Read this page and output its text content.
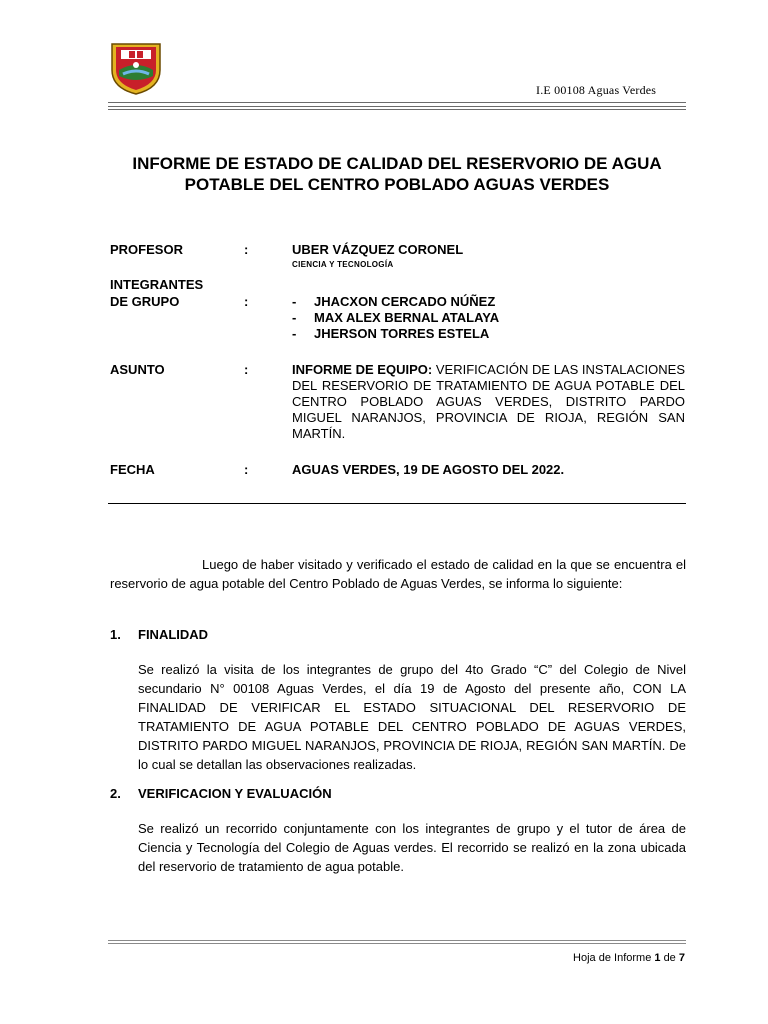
I.E 00108 Aguas Verdes
INFORME DE ESTADO DE CALIDAD DEL RESERVORIO DE AGUA
POTABLE DEL CENTRO POBLADO AGUAS VERDES
PROFESOR	:	UBER VÁZQUEZ CORONEL
CIENCIA Y TECNOLOGÍA
INTEGRANTES
DE GRUPO	:	- JHACXON CERCADO NÚÑEZ
- MAX ALEX BERNAL ATALAYA
- JHERSON TORRES ESTELA
ASUNTO	:	INFORME DE EQUIPO: VERIFICACIÓN DE LAS INSTALACIONES DEL RESERVORIO DE TRATAMIENTO DE AGUA POTABLE DEL CENTRO POBLADO AGUAS VERDES, DISTRITO PARDO MIGUEL NARANJOS, PROVINCIA DE RIOJA, REGIÓN SAN MARTÍN.
FECHA	:	AGUAS VERDES, 19 DE AGOSTO DEL 2022.
Luego de haber visitado y verificado el estado de calidad en la que se encuentra el reservorio de agua potable del Centro Poblado de Aguas Verdes, se informa lo siguiente:
1. FINALIDAD
Se realizó la visita de los integrantes de grupo del 4to Grado “C” del Colegio de Nivel secundario N° 00108 Aguas Verdes, el día 19 de Agosto del presente año, CON LA FINALIDAD DE VERIFICAR EL ESTADO SITUACIONAL DEL RESERVORIO DE TRATAMIENTO DE AGUA POTABLE DEL CENTRO POBLADO DE AGUAS VERDES, DISTRITO PARDO MIGUEL NARANJOS, PROVINCIA DE RIOJA, REGIÓN SAN MARTÍN. De lo cual se detallan las observaciones realizadas.
2. VERIFICACION Y EVALUACIÓN
Se realizó un recorrido conjuntamente con los integrantes de grupo y el tutor de área de Ciencia y Tecnología del Colegio de Aguas verdes. El recorrido se realizó en la zona ubicada del reservorio de tratamiento de agua potable.
Hoja de Informe 1 de 7
